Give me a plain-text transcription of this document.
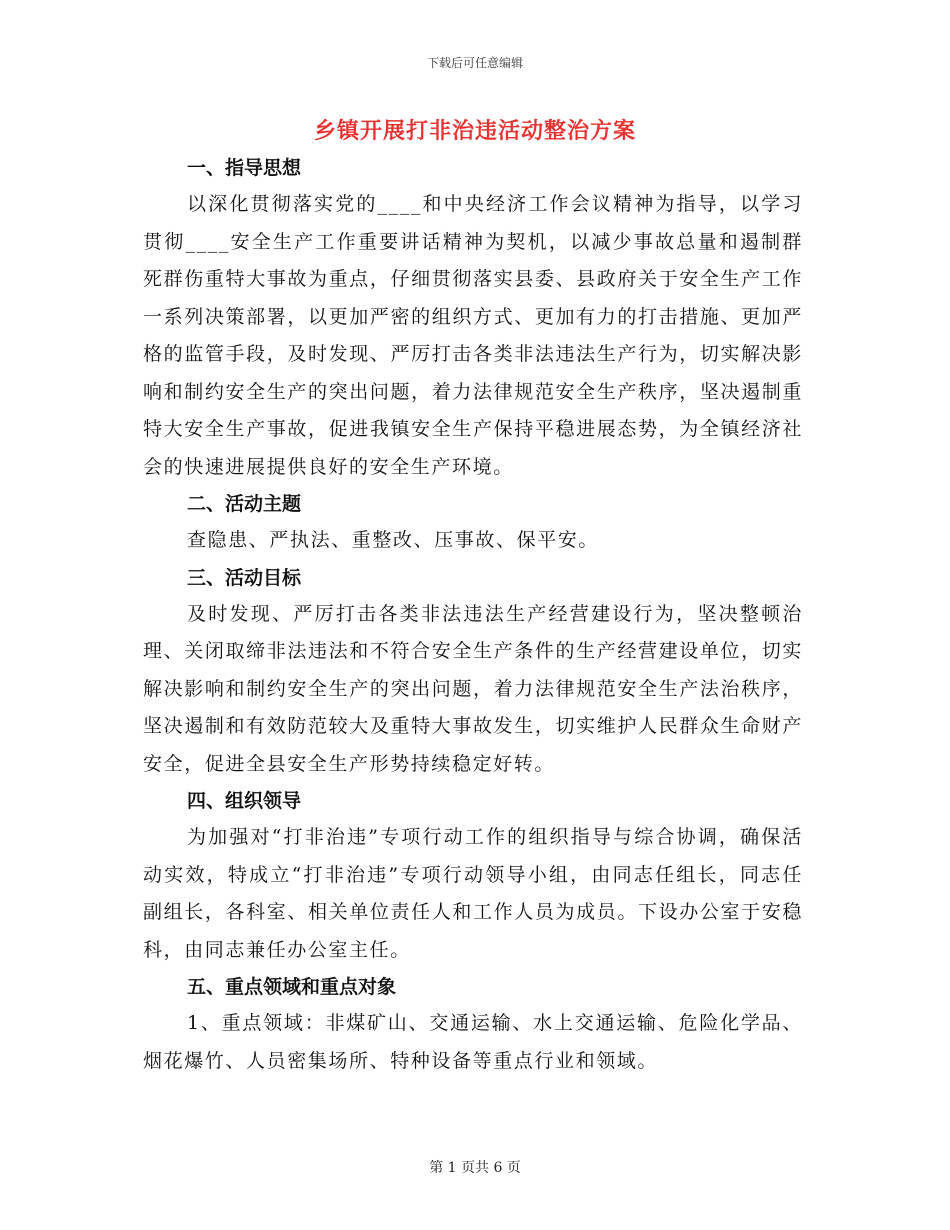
下载后可任意编辑
乡镇开展打非治违活动整治方案
一、指导思想

以深化贯彻落实党的____和中央经济工作会议精神为指导，以学习贯彻____安全生产工作重要讲话精神为契机，以减少事故总量和遏制群死群伤重特大事故为重点，仔细贯彻落实县委、县政府关于安全生产工作一系列决策部署，以更加严密的组织方式、更加有力的打击措施、更加严格的监管手段，及时发现、严厉打击各类非法违法生产行为，切实解决影响和制约安全生产的突出问题，着力法律规范安全生产秩序，坚决遏制重特大安全生产事故，促进我镇安全生产保持平稳进展态势，为全镇经济社会的快速进展提供良好的安全生产环境。

二、活动主题

查隐患、严执法、重整改、压事故、保平安。

三、活动目标

及时发现、严厉打击各类非法违法生产经营建设行为，坚决整顿治理、关闭取缔非法违法和不符合安全生产条件的生产经营建设单位，切实解决影响和制约安全生产的突出问题，着力法律规范安全生产法治秩序，坚决遏制和有效防范较大及重特大事故发生，切实维护人民群众生命财产安全，促进全县安全生产形势持续稳定好转。

四、组织领导

为加强对“打非治违”专项行动工作的组织指导与综合协调，确保活动实效，特成立“打非治违”专项行动领导小组，由同志任组长，同志任副组长，各科室、相关单位责任人和工作人员为成员。下设办公室于安稳科，由同志兼任办公室主任。

五、重点领域和重点对象

1、重点领域：非煤矿山、交通运输、水上交通运输、危险化学品、烟花爆竹、人员密集场所、特种设备等重点行业和领域。

第 1 页共 6 页
